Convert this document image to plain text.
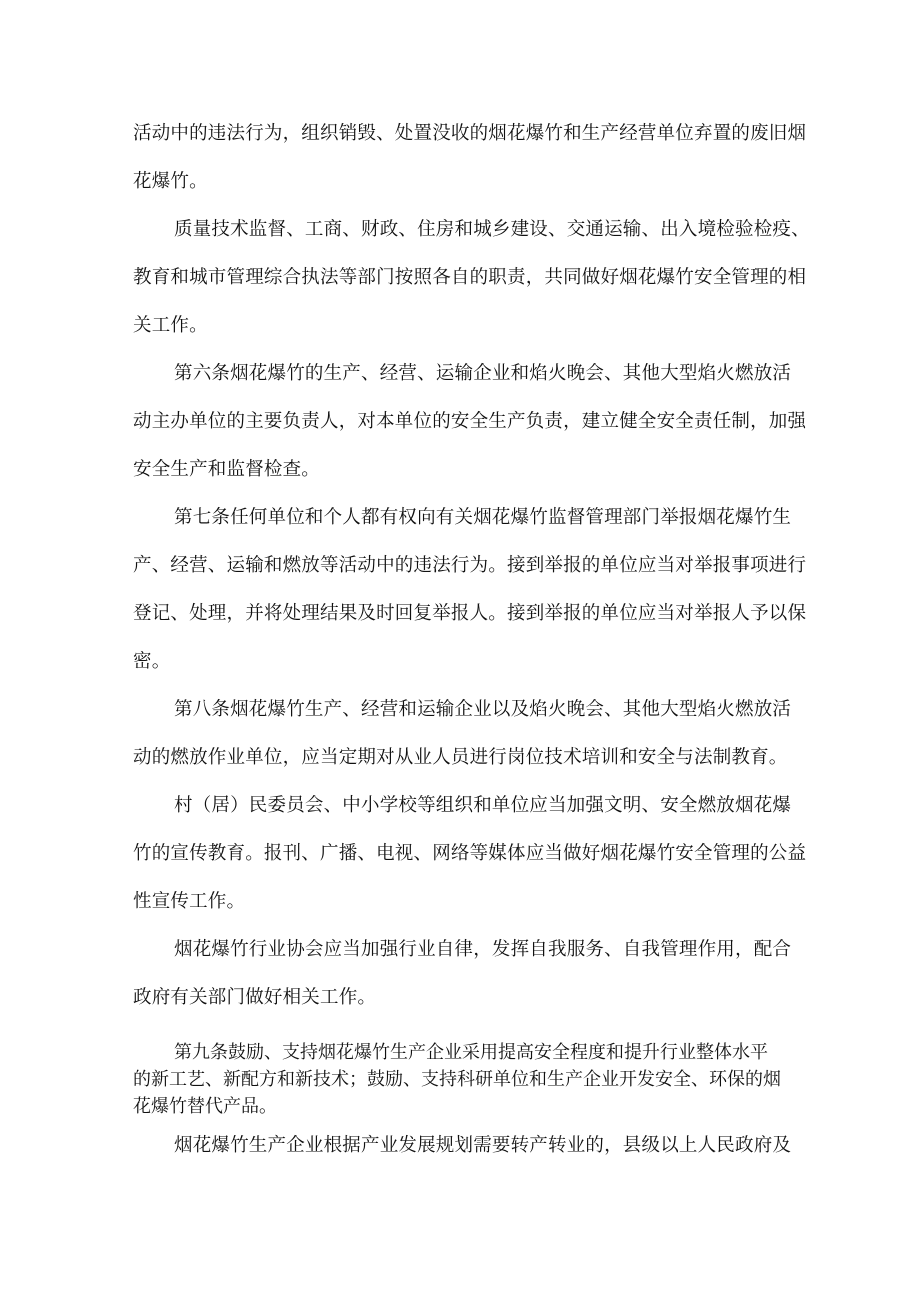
活动中的违法行为，组织销毁、处置没收的烟花爆竹和生产经营单位弃置的废旧烟
花爆竹。
质量技术监督、工商、财政、住房和城乡建设、交通运输、出入境检验检疫、
教育和城市管理综合执法等部门按照各自的职责，共同做好烟花爆竹安全管理的相
关工作。
第六条烟花爆竹的生产、经营、运输企业和焰火晚会、其他大型焰火燃放活
动主办单位的主要负责人，对本单位的安全生产负责，建立健全安全责任制，加强
安全生产和监督检查。
第七条任何单位和个人都有权向有关烟花爆竹监督管理部门举报烟花爆竹生
产、经营、运输和燃放等活动中的违法行为。接到举报的单位应当对举报事项进行
登记、处理，并将处理结果及时回复举报人。接到举报的单位应当对举报人予以保
密。
第八条烟花爆竹生产、经营和运输企业以及焰火晚会、其他大型焰火燃放活
动的燃放作业单位，应当定期对从业人员进行岗位技术培训和安全与法制教育。
村（居）民委员会、中小学校等组织和单位应当加强文明、安全燃放烟花爆
竹的宣传教育。报刊、广播、电视、网络等媒体应当做好烟花爆竹安全管理的公益
性宣传工作。
烟花爆竹行业协会应当加强行业自律，发挥自我服务、自我管理作用，配合
政府有关部门做好相关工作。
第九条鼓励、支持烟花爆竹生产企业采用提高安全程度和提升行业整体水平
的新工艺、新配方和新技术；鼓励、支持科研单位和生产企业开发安全、环保的烟
花爆竹替代产品。
烟花爆竹生产企业根据产业发展规划需要转产转业的，县级以上人民政府及
